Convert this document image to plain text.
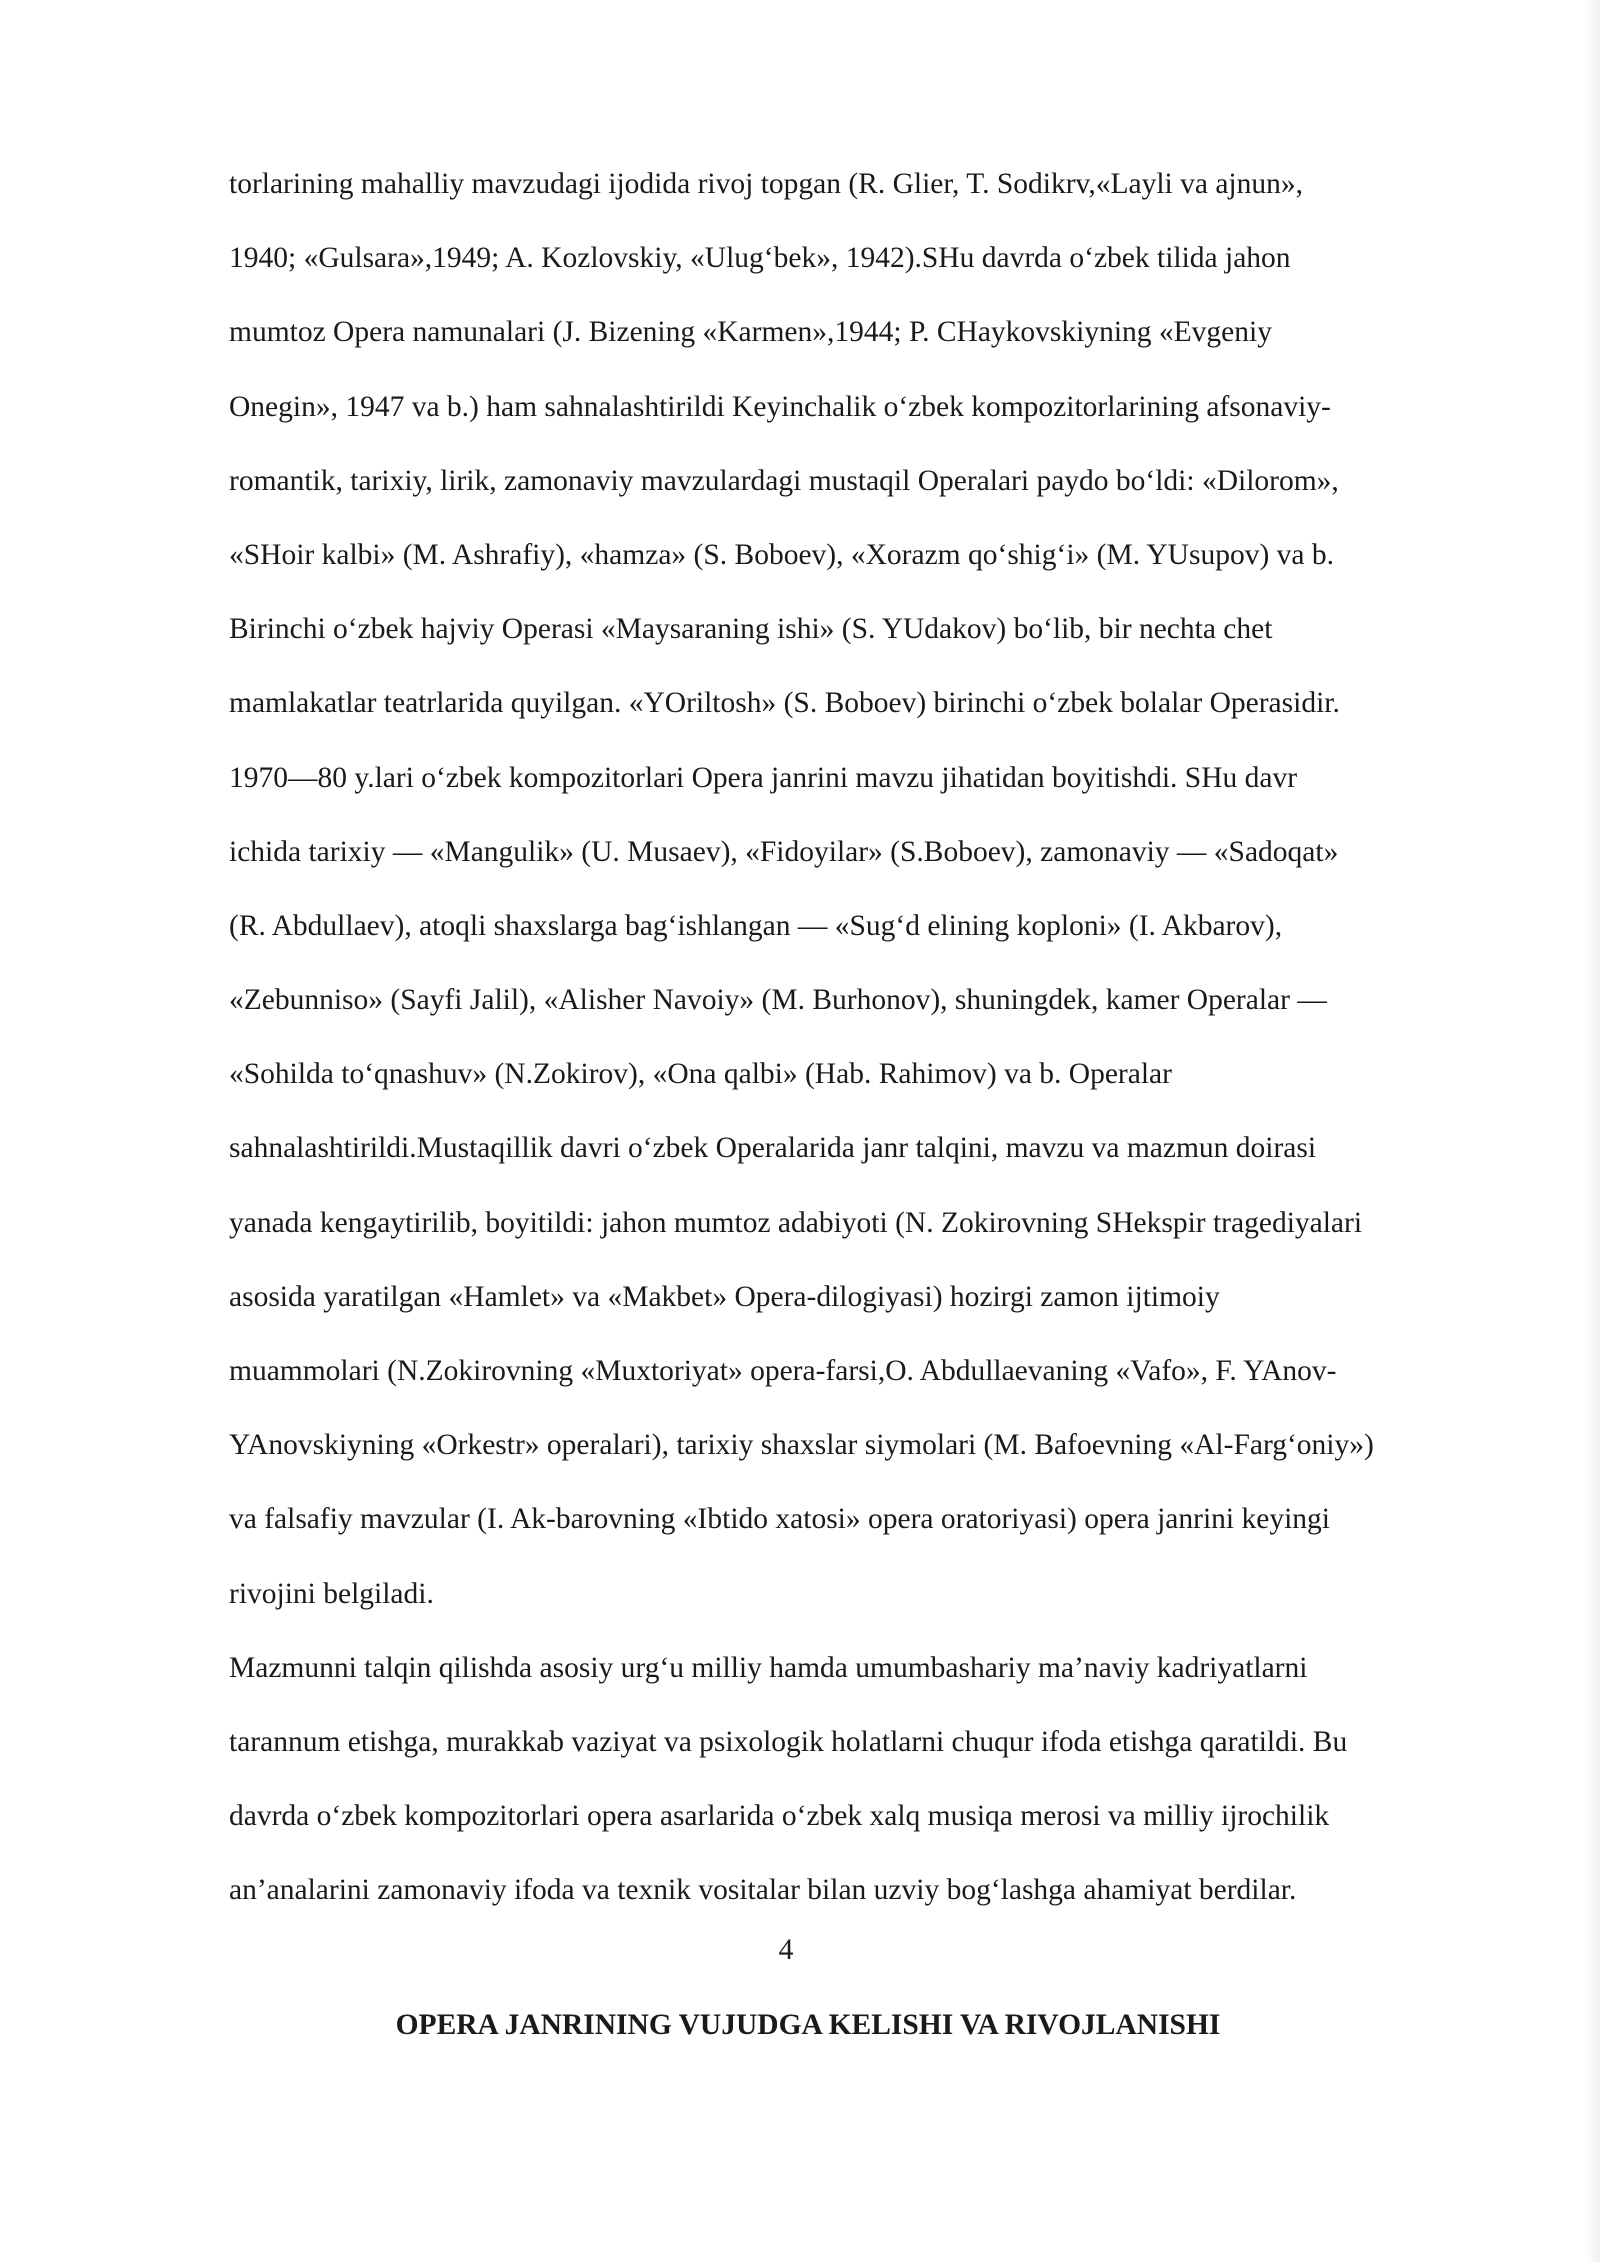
torlarining mahalliy mavzudagi ijodida rivoj topgan (R. Glier, T. Sodikrv,«Layli va ajnun»,
1940; «Gulsara»,1949; A. Kozlovskiy, «Ulug‘bek», 1942).SHu davrda o‘zbek tilida jahon
mumtoz Opera namunalari (J. Bizening «Karmen»,1944; P. CHaykovskiyning «Evgeniy
Onegin», 1947 va b.) ham sahnalashtirildi Keyinchalik o‘zbek kompozitorlarining afsonaviy-
romantik, tarixiy, lirik, zamonaviy mavzulardagi mustaqil Operalari paydo bo‘ldi: «Dilorom»,
«SHoir kalbi» (M. Ashrafiy), «hamza» (S. Boboev), «Xorazm qo‘shig‘i» (M. YUsupov) va b.
Birinchi o‘zbek hajviy Operasi «Maysaraning ishi» (S. YUdakov) bo‘lib, bir nechta chet
mamlakatlar teatrlarida quyilgan. «YOriltosh» (S. Boboev) birinchi o‘zbek bolalar Operasidir.
1970—80 y.lari o‘zbek kompozitorlari Opera janrini mavzu jihatidan boyitishdi. SHu davr
ichida tarixiy — «Mangulik» (U. Musaev), «Fidoyilar» (S.Boboev), zamonaviy — «Sadoqat»
(R. Abdullaev), atoqli shaxslarga bag‘ishlangan — «Sug‘d elining koploni» (I. Akbarov),
«Zebunniso» (Sayfi Jalil), «Alisher Navoiy» (M. Burhonov), shuningdek, kamer Operalar —
«Sohilda to‘qnashuv» (N.Zokirov), «Ona qalbi» (Hab. Rahimov) va b. Operalar
sahnalashtirildi.Mustaqillik davri o‘zbek Operalarida janr talqini, mavzu va mazmun doirasi
yanada kengaytirilib, boyitildi: jahon mumtoz adabiyoti (N. Zokirovning SHekspir tragediyalari
asosida yaratilgan «Hamlet» va «Makbet» Opera-dilogiyasi) hozirgi zamon ijtimoiy
muammolari (N.Zokirovning «Muxtoriyat» opera-farsi,O. Abdullaevaning «Vafo», F. YAnov-
YAnovskiyning «Orkestr» operalari), tarixiy shaxslar siymolari (M. Bafoevning «Al-Farg‘oniy»)
va falsafiy mavzular (I. Ak-barovning «Ibtido xatosi» opera oratoriyasi) opera janrini keyingi
rivojini belgiladi.
Mazmunni talqin qilishda asosiy urg‘u milliy hamda umumbashariy ma’naviy kadriyatlarni
tarannum etishga, murakkab vaziyat va psixologik holatlarni chuqur ifoda etishga qaratildi. Bu
davrda o‘zbek kompozitorlari opera asarlarida o‘zbek xalq musiqa merosi va milliy ijrochilik
an’analarini zamonaviy ifoda va texnik vositalar bilan uzviy bog‘lashga ahamiyat berdilar.
4
OPERA JANRINING VUJUDGA KELISHI VA RIVOJLANISHI
